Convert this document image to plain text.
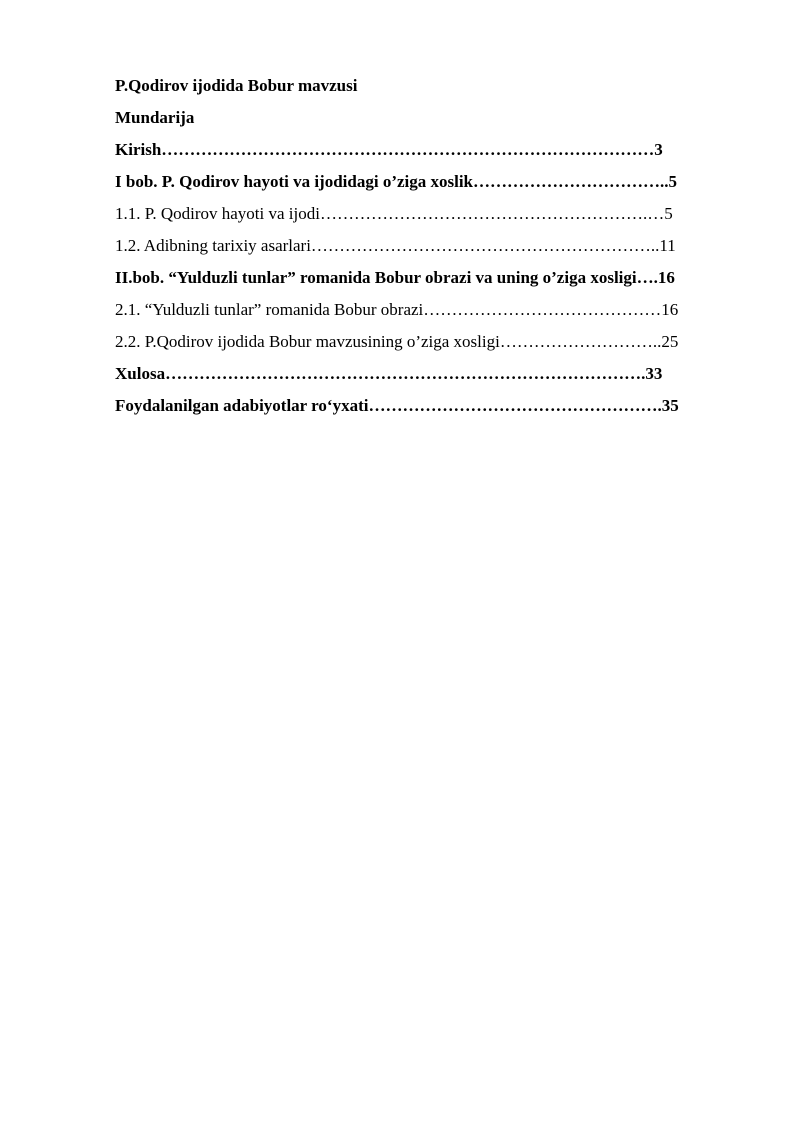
P.Qodirov ijodida Bobur mavzusi
Mundarija
Kirish……………………………………………………………………………3
I bob. P. Qodirov hayoti va ijodidagi o’ziga xoslik……………………………..5
1.1. P. Qodirov hayoti va ijodi………………………………………………….…5
1.2. Adibning tarixiy asarlari……………………………………………………..11
II.bob. “Yulduzli tunlar” romanida Bobur obrazi va uning o’ziga xosligi….16
2.1. “Yulduzli tunlar” romanida Bobur obrazi……………………………………16
2.2. P.Qodirov ijodida Bobur mavzusining o’ziga xosligi………………………..25
Xulosa………………………………………………………………………….33
Foydalanilgan adabiyotlar ro‘yxati…………………………………………….35
